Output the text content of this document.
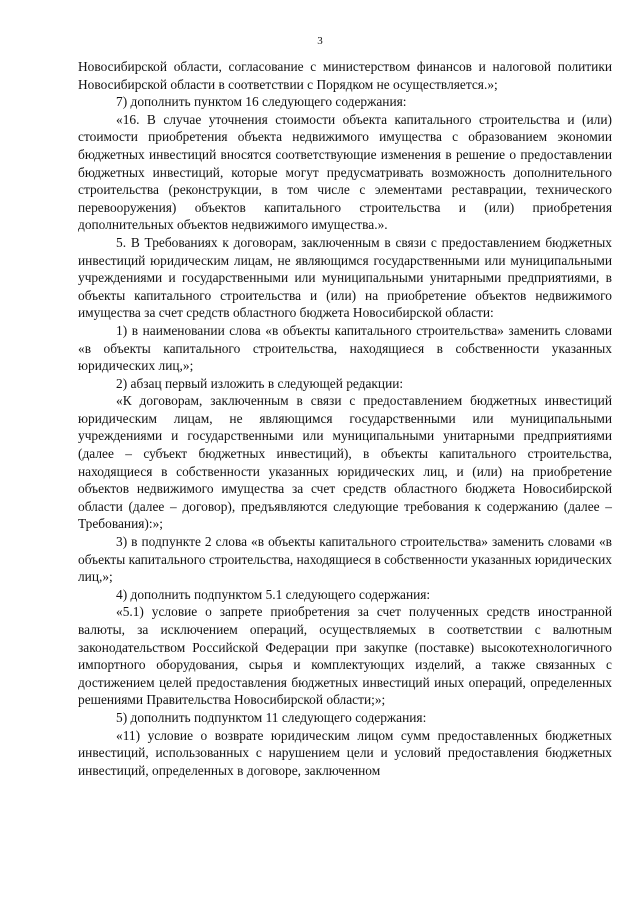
3

Новосибирской области, согласование с министерством финансов и налоговой политики Новосибирской области в соответствии с Порядком не осуществляется.»;

7) дополнить пунктом 16 следующего содержания:

«16. В случае уточнения стоимости объекта капитального строительства и (или) стоимости приобретения объекта недвижимого имущества с образованием экономии бюджетных инвестиций вносятся соответствующие изменения в решение о предоставлении бюджетных инвестиций, которые могут предусматривать возможность дополнительного строительства (реконструкции, в том числе с элементами реставрации, технического перевооружения) объектов капитального строительства и (или) приобретения дополнительных объектов недвижимого имущества.».

5. В Требованиях к договорам, заключенным в связи с предоставлением бюджетных инвестиций юридическим лицам, не являющимся государственными или муниципальными учреждениями и государственными или муниципальными унитарными предприятиями, в объекты капитального строительства и (или) на приобретение объектов недвижимого имущества за счет средств областного бюджета Новосибирской области:

1) в наименовании слова «в объекты капитального строительства» заменить словами «в объекты капитального строительства, находящиеся в собственности указанных юридических лиц,»;

2) абзац первый изложить в следующей редакции:

«К договорам, заключенным в связи с предоставлением бюджетных инвестиций юридическим лицам, не являющимся государственными или муниципальными учреждениями и государственными или муниципальными унитарными предприятиями (далее – субъект бюджетных инвестиций), в объекты капитального строительства, находящиеся в собственности указанных юридических лиц, и (или) на приобретение объектов недвижимого имущества за счет средств областного бюджета Новосибирской области (далее – договор), предъявляются следующие требования к содержанию (далее – Требования):»;

3) в подпункте 2 слова «в объекты капитального строительства» заменить словами «в объекты капитального строительства, находящиеся в собственности указанных юридических лиц,»;

4) дополнить подпунктом 5.1 следующего содержания:

«5.1) условие о запрете приобретения за счет полученных средств иностранной валюты, за исключением операций, осуществляемых в соответствии с валютным законодательством Российской Федерации при закупке (поставке) высокотехнологичного импортного оборудования, сырья и комплектующих изделий, а также связанных с достижением целей предоставления бюджетных инвестиций иных операций, определенных решениями Правительства Новосибирской области;»;

5) дополнить подпунктом 11 следующего содержания:

«11) условие о возврате юридическим лицом сумм предоставленных бюджетных инвестиций, использованных с нарушением цели и условий предоставления бюджетных инвестиций, определенных в договоре, заключенном
